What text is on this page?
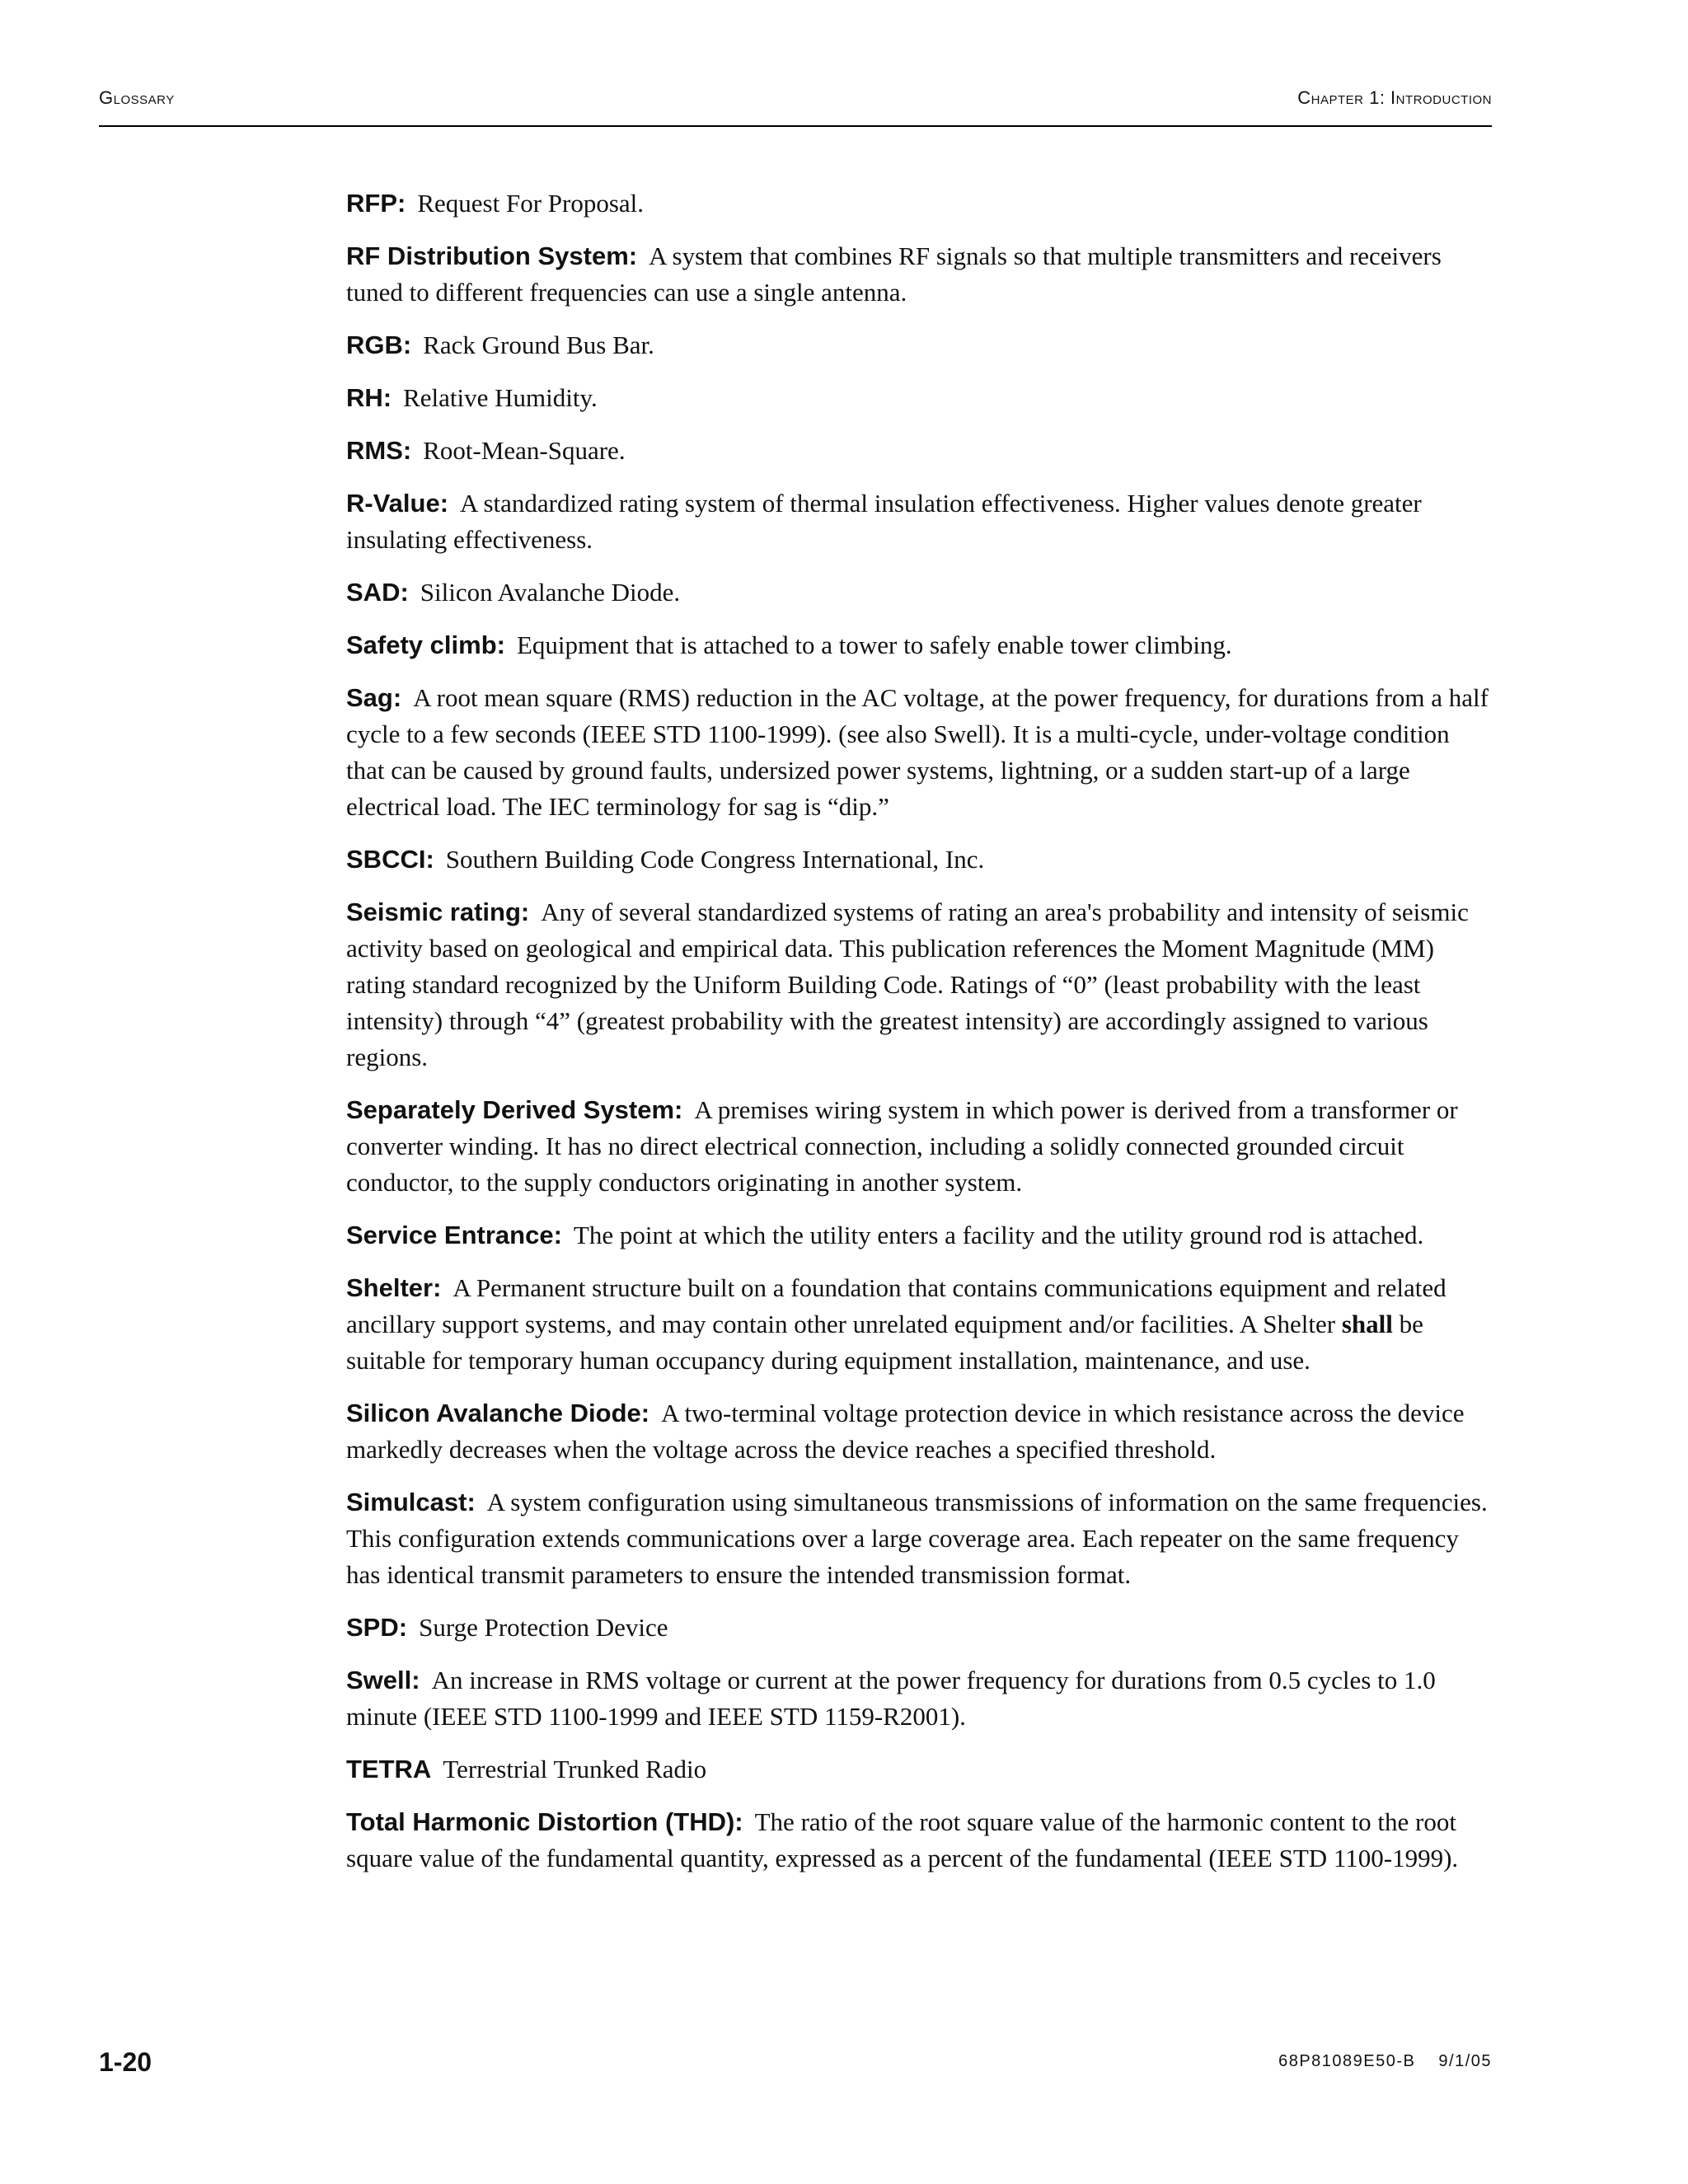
Glossary	Chapter 1: Introduction

RFP: Request For Proposal.

RF Distribution System: A system that combines RF signals so that multiple transmitters and receivers tuned to different frequencies can use a single antenna.

RGB: Rack Ground Bus Bar.

RH: Relative Humidity.

RMS: Root-Mean-Square.

R-Value: A standardized rating system of thermal insulation effectiveness. Higher values denote greater insulating effectiveness.

SAD: Silicon Avalanche Diode.

Safety climb: Equipment that is attached to a tower to safely enable tower climbing.

Sag: A root mean square (RMS) reduction in the AC voltage, at the power frequency, for durations from a half cycle to a few seconds (IEEE STD 1100-1999). (see also Swell). It is a multi-cycle, under-voltage condition that can be caused by ground faults, undersized power systems, lightning, or a sudden start-up of a large electrical load. The IEC terminology for sag is “dip.”

SBCCI: Southern Building Code Congress International, Inc.

Seismic rating: Any of several standardized systems of rating an area's probability and intensity of seismic activity based on geological and empirical data. This publication references the Moment Magnitude (MM) rating standard recognized by the Uniform Building Code. Ratings of “0” (least probability with the least intensity) through “4” (greatest probability with the greatest intensity) are accordingly assigned to various regions.

Separately Derived System: A premises wiring system in which power is derived from a transformer or converter winding. It has no direct electrical connection, including a solidly connected grounded circuit conductor, to the supply conductors originating in another system.

Service Entrance: The point at which the utility enters a facility and the utility ground rod is attached.

Shelter: A Permanent structure built on a foundation that contains communications equipment and related ancillary support systems, and may contain other unrelated equipment and/or facilities. A Shelter shall be suitable for temporary human occupancy during equipment installation, maintenance, and use.

Silicon Avalanche Diode: A two-terminal voltage protection device in which resistance across the device markedly decreases when the voltage across the device reaches a specified threshold.

Simulcast: A system configuration using simultaneous transmissions of information on the same frequencies. This configuration extends communications over a large coverage area. Each repeater on the same frequency has identical transmit parameters to ensure the intended transmission format.

SPD: Surge Protection Device

Swell: An increase in RMS voltage or current at the power frequency for durations from 0.5 cycles to 1.0 minute (IEEE STD 1100-1999 and IEEE STD 1159-R2001).

TETRA Terrestrial Trunked Radio

Total Harmonic Distortion (THD): The ratio of the root square value of the harmonic content to the root square value of the fundamental quantity, expressed as a percent of the fundamental (IEEE STD 1100-1999).

1-20	68P81089E50-B 9/1/05
